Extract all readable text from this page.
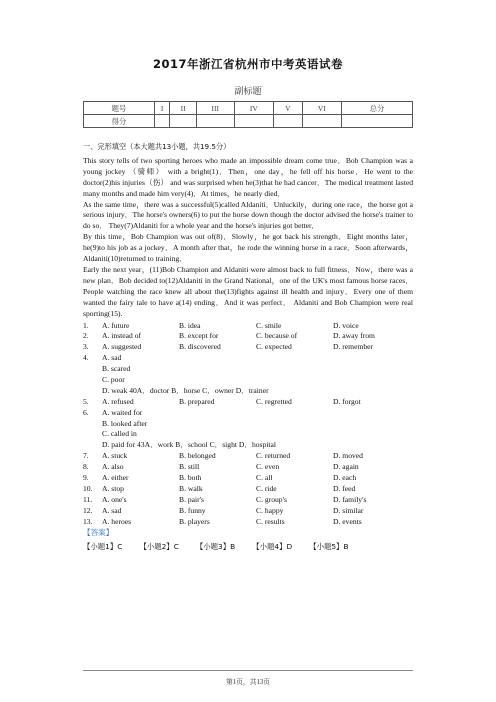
2017年浙江省杭州市中考英语试卷
副标题
题号	I	II	III	IV	V	VI	总分
得分							
一、完形填空（本大题共13小题，共19.5分）

This story tells of two sporting heroes who made an impossible dream come true．Bob Champion was a young jockey （骑师） with a bright(1)．Then，one day，he fell off his horse．He went to the doctor(2)his injuries（伤） and was surprised when he(3)that he had cancer．The medical treatment lasted many months and made him very(4)．At times，he nearly died．

As the same time，there was a successful(5)called Aldaniti．Unluckily，during one race，the horse got a serious injury．The horse's owners(6) to put the horse down though the doctor advised the horse's trainer to do so． They(7)Aldaniti for a whole year and the horse's injuries got better．

By this time，Bob Champion was out of(8)．Slowly，he got back his strength．Eight months later，he(9)to his job as a jockey．A month after that，he rode the winning horse in a race．Soon afterwards，Aldaniti(10)returned to training．

Early the next year，(11)Bob Champion and Aldaniti were almost back to full fitness．Now，there was a new plan．Bob decided to(12)Aldaniti in the Grand National，one of the UK's most famous horse races．People watching the race knew all about the(13)fights against ill health and injury．Every one of them wanted the fairy tale to have a(14) ending．And it was perfect． Aldaniti and Bob Champion were real sporting(15).

1.	A. future	B. idea	C. smile	D. voice
2.	A. instead of	B. except for	C. because of	D. away from
3.	A. suggested	B. discovered	C. expected	D. remember
4.	A. sad
B. scared
C. poor
D. weak 40A．doctor B．horse C．owner D．trainer
5.	A. refused	B. prepared	C. regretted	D. forgot
6.	A. waited for
B. looked after
C. called in
D. paid for 43A．work B．school C．sight D．hospital
7.	A. stuck	B. belonged	C. returned	D. moved
8.	A. also	B. still	C. even	D. again
9.	A. either	B. both	C. all	D. each
10.	A. stop	B. walk	C. ride	D. feed
11.	A. one's	B. pair's	C. group's	D. family's
12.	A. sad	B. funny	C. happy	D. similar
13.	A. heroes	B. players	C. results	D. events
【答案】
【小题1】C 【小题2】C 【小题3】B 【小题4】D 【小题5】B
第1页，共13页
